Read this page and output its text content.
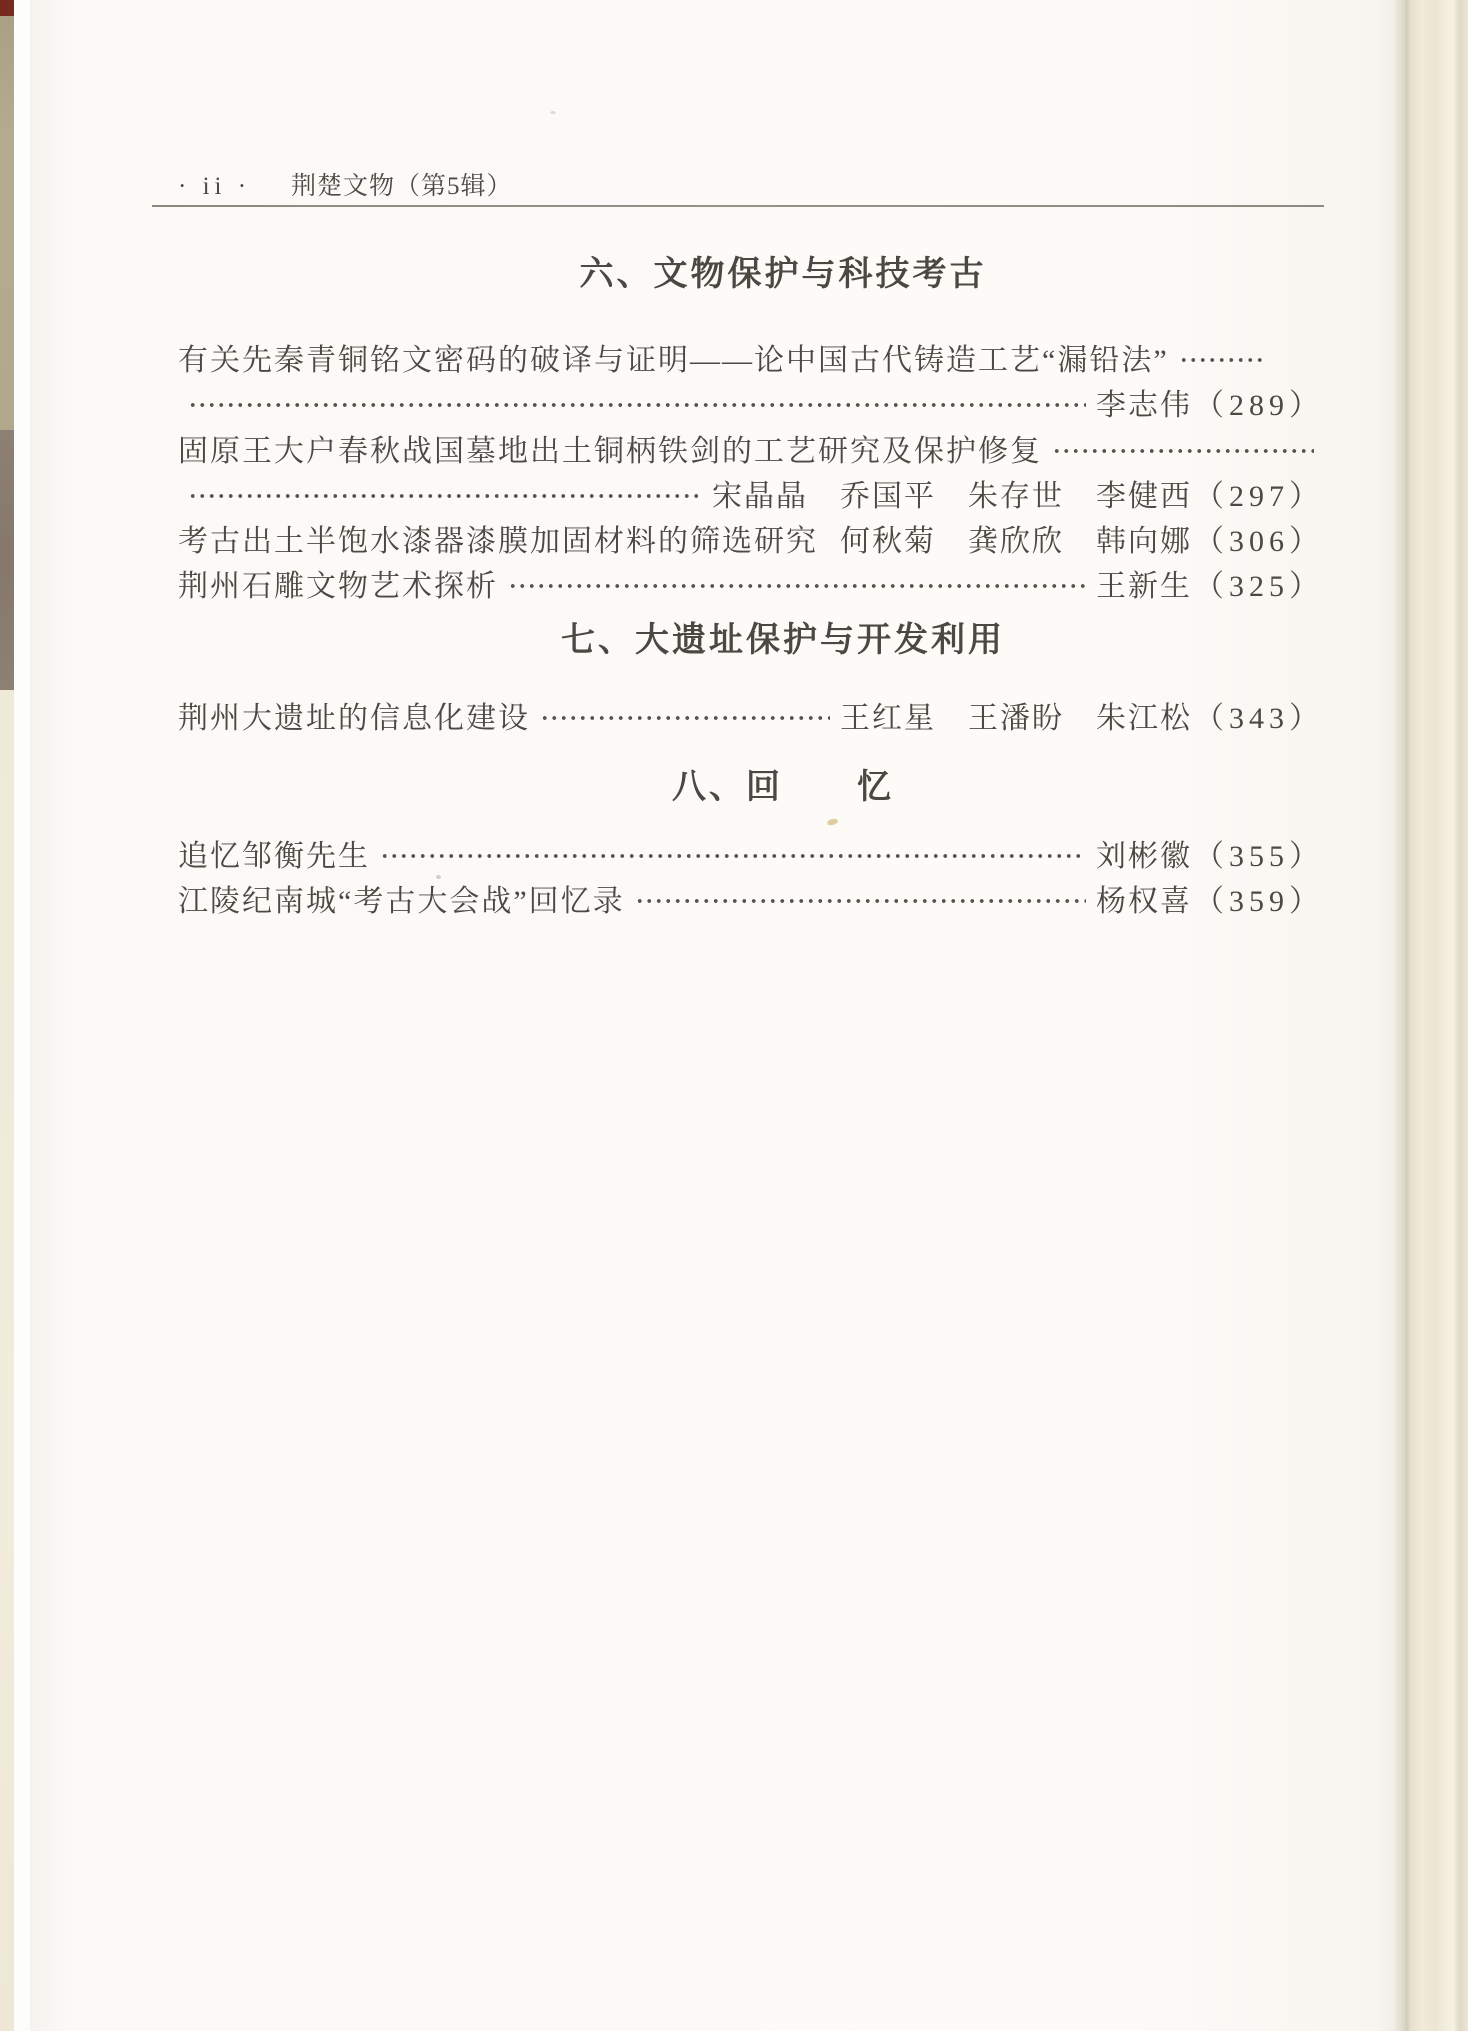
· ii · 荆楚文物（第5辑）
六、文物保护与科技考古
有关先秦青铜铭文密码的破译与证明——论中国古代铸造工艺“漏铅法”
李志伟 （289）
固原王大户春秋战国墓地出土铜柄铁剑的工艺研究及保护修复
宋晶晶　乔国平　朱存世　李健西 （297）
考古出土半饱水漆器漆膜加固材料的筛选研究 何秋菊　龚欣欣　韩向娜 （306）
荆州石雕文物艺术探析	王新生 （325）
七、大遗址保护与开发利用
荆州大遗址的信息化建设	王红星　王潘盼　朱江松 （343）
八、回　　忆
追忆邹衡先生	刘彬徽 （355）
江陵纪南城“考古大会战”回忆录	杨权喜 （359）
